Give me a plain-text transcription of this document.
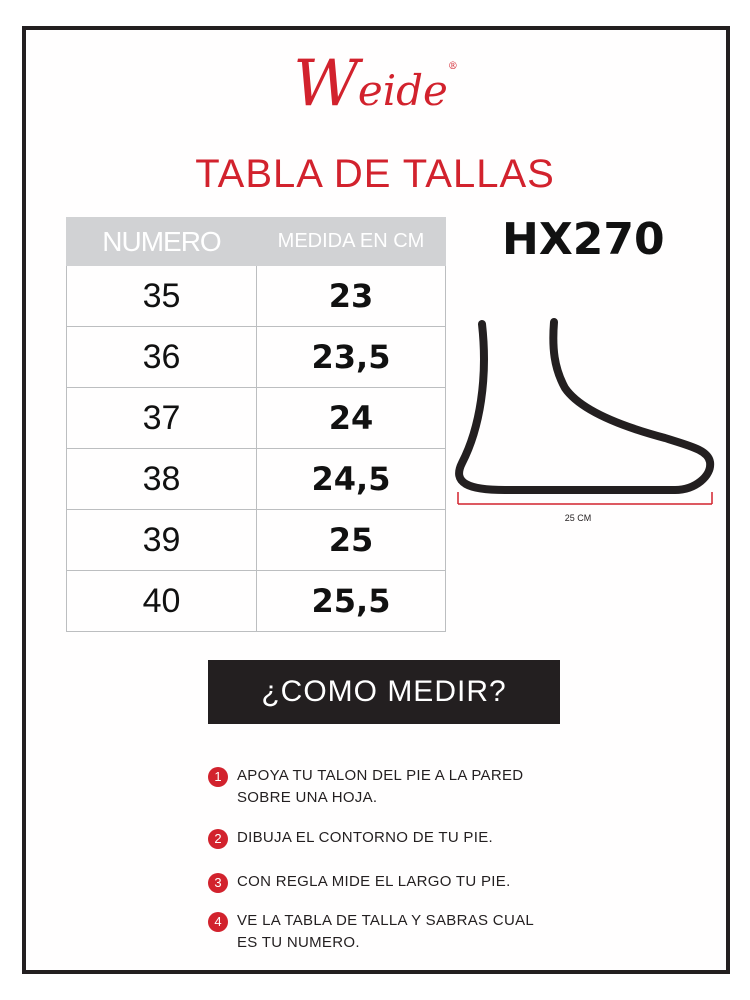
Weide®
TABLA DE TALLAS
HX270
NUMERO	MEDIDA EN CM
35	23
36	23,5
37	24
38	24,5
39	25
40	25,5
25 CM
¿COMO MEDIR?
1	APOYA TU TALON DEL PIE A LA PARED SOBRE UNA HOJA.
2	DIBUJA EL CONTORNO DE TU PIE.
3	CON REGLA MIDE EL LARGO TU PIE.
4	VE LA TABLA DE TALLA Y SABRAS CUAL ES TU NUMERO.
